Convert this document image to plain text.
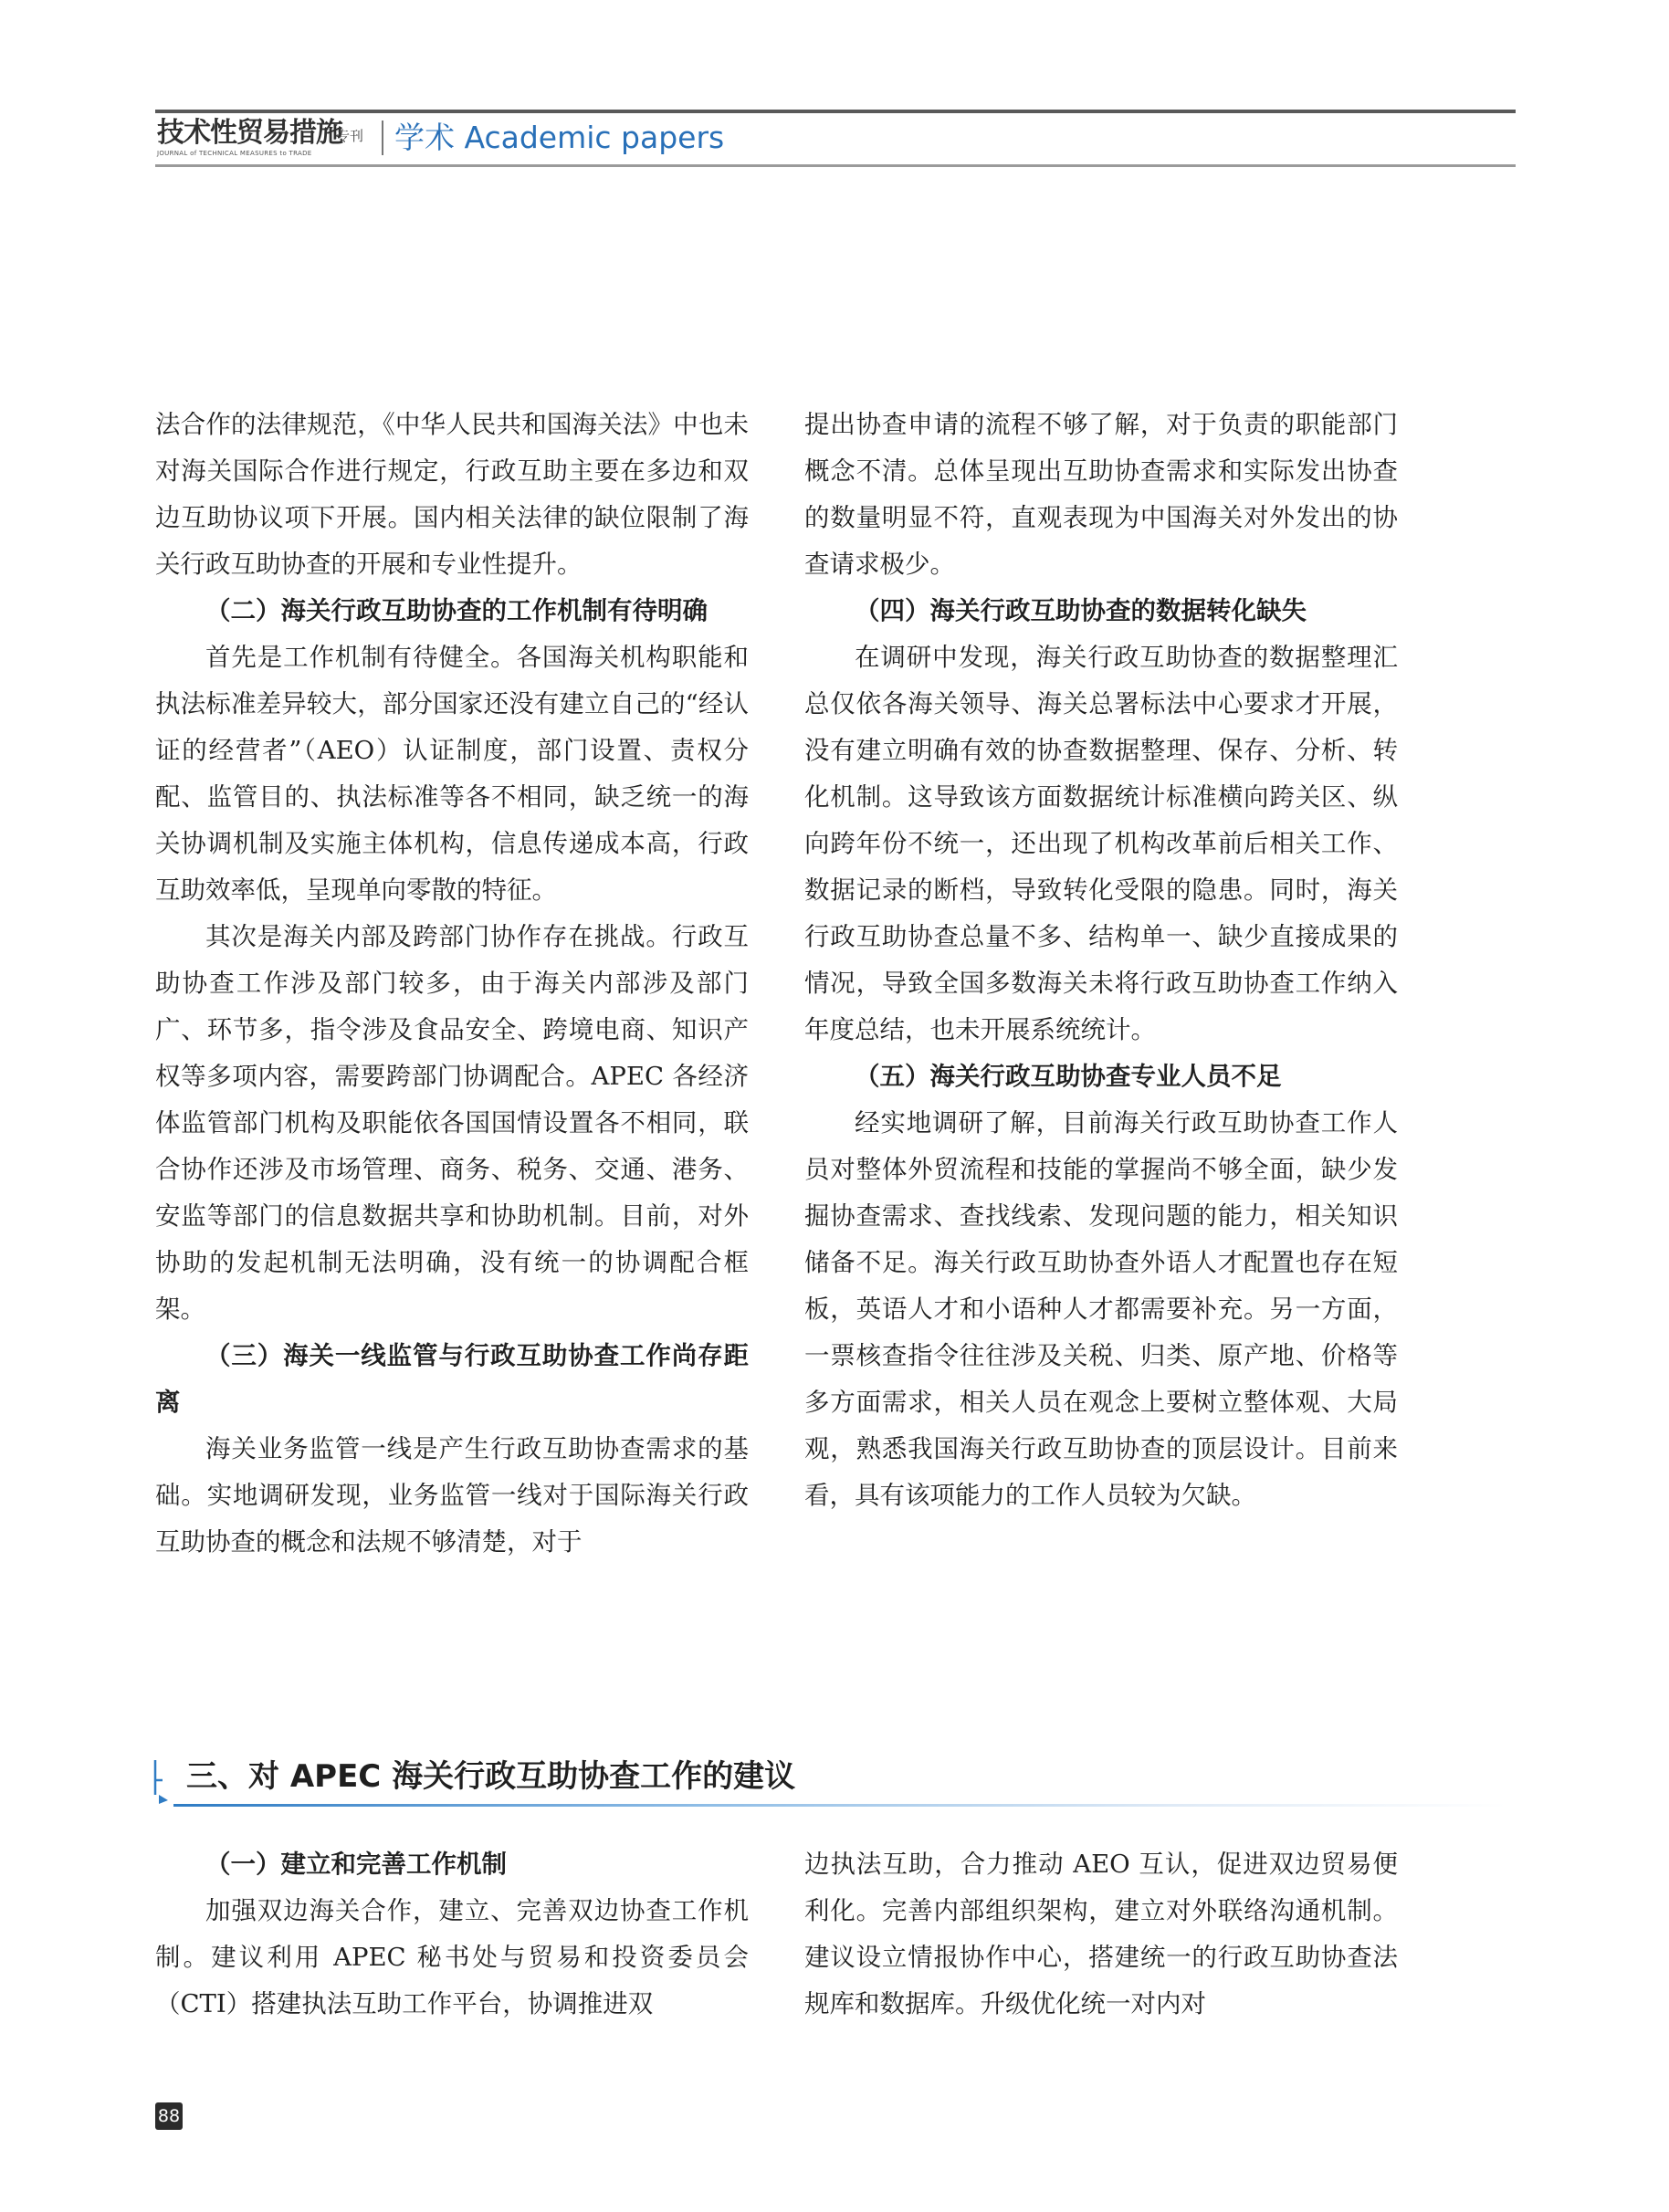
技术性贸易措施
专刊
JOURNAL of TECHNICAL MEASURES to TRADE	学术 Academic papers

法合作的法律规范，《中华人民共和国海关法》中也未对海关国际合作进行规定，行政互助主要在多边和双边互助协议项下开展。国内相关法律的缺位限制了海关行政互助协查的开展和专业性提升。

（二）海关行政互助协查的工作机制有待明确

首先是工作机制有待健全。各国海关机构职能和执法标准差异较大，部分国家还没有建立自己的“经认证的经营者”（AEO）认证制度，部门设置、责权分配、监管目的、执法标准等各不相同，缺乏统一的海关协调机制及实施主体机构，信息传递成本高，行政互助效率低，呈现单向零散的特征。

其次是海关内部及跨部门协作存在挑战。行政互助协查工作涉及部门较多，由于海关内部涉及部门广、环节多，指令涉及食品安全、跨境电商、知识产权等多项内容，需要跨部门协调配合。APEC 各经济体监管部门机构及职能依各国国情设置各不相同，联合协作还涉及市场管理、商务、税务、交通、港务、安监等部门的信息数据共享和协助机制。目前，对外协助的发起机制无法明确，没有统一的协调配合框架。

（三）海关一线监管与行政互助协查工作尚存距离

海关业务监管一线是产生行政互助协查需求的基础。实地调研发现，业务监管一线对于国际海关行政互助协查的概念和法规不够清楚，对于

提出协查申请的流程不够了解，对于负责的职能部门概念不清。总体呈现出互助协查需求和实际发出协查的数量明显不符，直观表现为中国海关对外发出的协查请求极少。

（四）海关行政互助协查的数据转化缺失

在调研中发现，海关行政互助协查的数据整理汇总仅依各海关领导、海关总署标法中心要求才开展，没有建立明确有效的协查数据整理、保存、分析、转化机制。这导致该方面数据统计标准横向跨关区、纵向跨年份不统一，还出现了机构改革前后相关工作、数据记录的断档，导致转化受限的隐患。同时，海关行政互助协查总量不多、结构单一、缺少直接成果的情况，导致全国多数海关未将行政互助协查工作纳入年度总结，也未开展系统统计。

（五）海关行政互助协查专业人员不足

经实地调研了解，目前海关行政互助协查工作人员对整体外贸流程和技能的掌握尚不够全面，缺少发掘协查需求、查找线索、发现问题的能力，相关知识储备不足。海关行政互助协查外语人才配置也存在短板，英语人才和小语种人才都需要补充。另一方面，一票核查指令往往涉及关税、归类、原产地、价格等多方面需求，相关人员在观念上要树立整体观、大局观，熟悉我国海关行政互助协查的顶层设计。目前来看，具有该项能力的工作人员较为欠缺。

三、对 APEC 海关行政互助协查工作的建议
（一）建立和完善工作机制

加强双边海关合作，建立、完善双边协查工作机制。建议利用 APEC 秘书处与贸易和投资委员会（CTI）搭建执法互助工作平台，协调推进双

边执法互助，合力推动 AEO 互认，促进双边贸易便利化。完善内部组织架构，建立对外联络沟通机制。建议设立情报协作中心，搭建统一的行政互助协查法规库和数据库。升级优化统一对内对

88
